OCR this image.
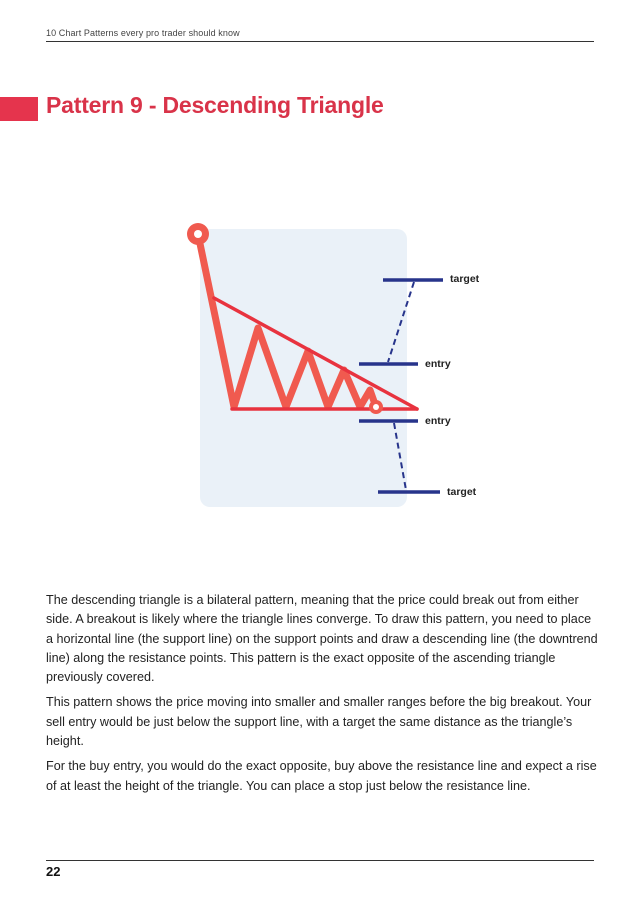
10 Chart Patterns every pro trader should know
Pattern 9 - Descending Triangle
target
entry
entry
target

The descending triangle is a bilateral pattern, meaning that the price could break out from either side. A breakout is likely where the triangle lines converge. To draw this pattern, you need to place a horizontal line (the support line) on the support points and draw a descending line (the downtrend line) along the resistance points. This pattern is the exact opposite of the ascending triangle previously covered.

This pattern shows the price moving into smaller and smaller ranges before the big breakout. Your sell entry would be just below the support line, with a target the same distance as the triangle’s height.

For the buy entry, you would do the exact opposite, buy above the resistance line and expect a rise of at least the height of the triangle. You can place a stop just below the resistance line.

22
